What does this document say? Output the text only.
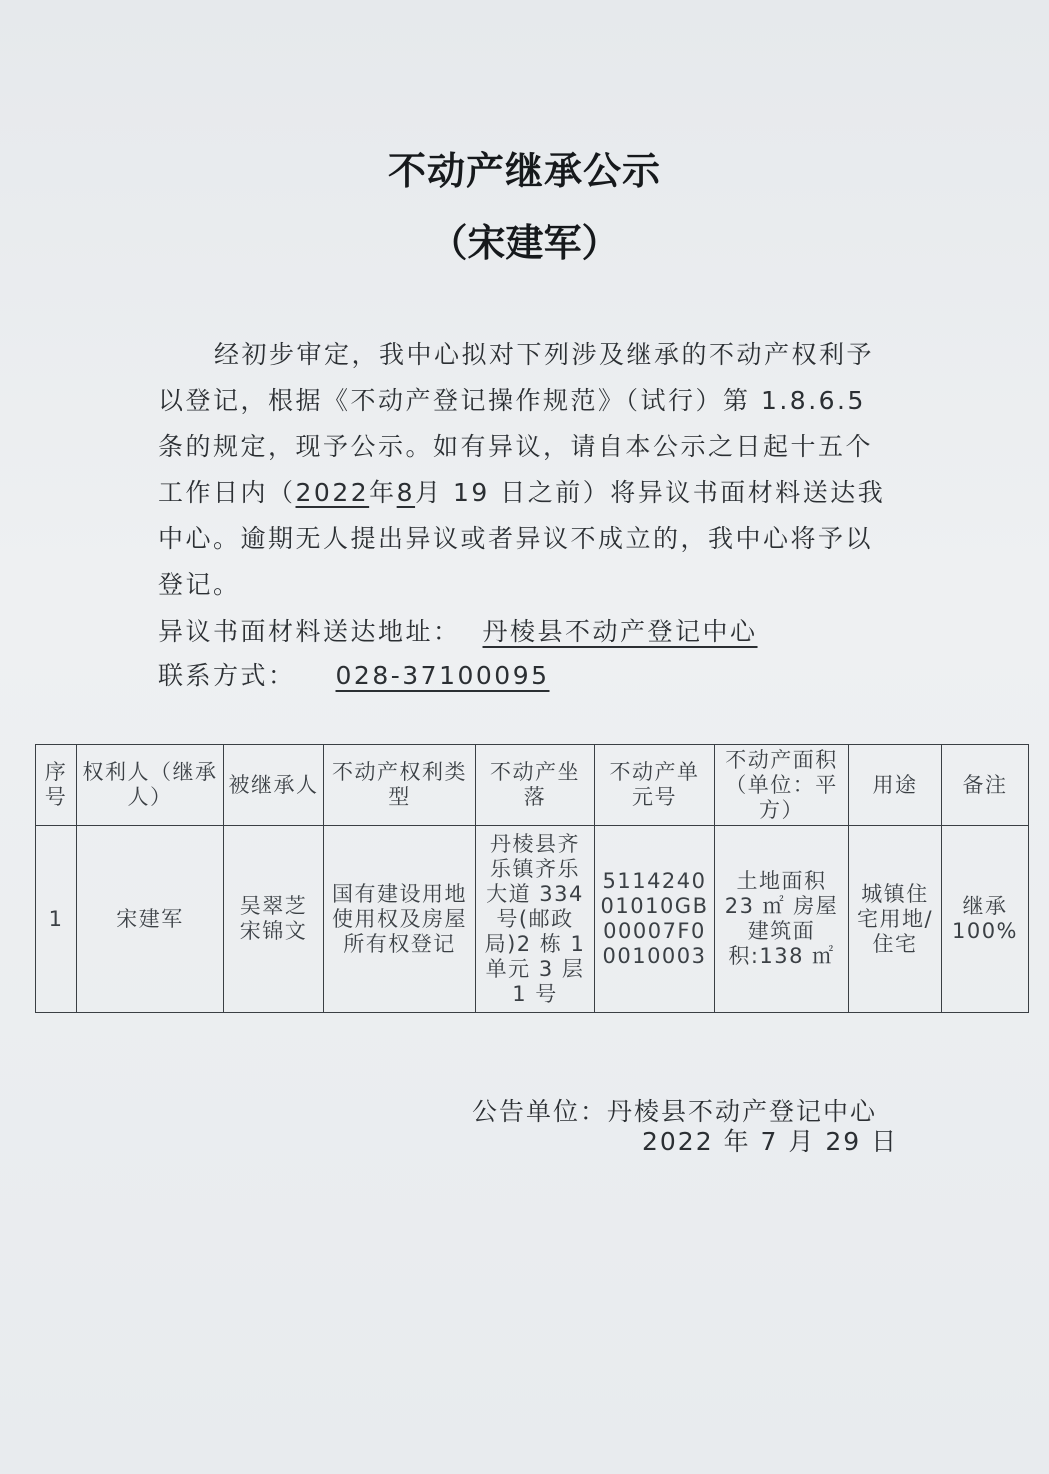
不动产继承公示
（宋建军）
经初步审定，我中心拟对下列涉及继承的不动产权利予以登记，根据《不动产登记操作规范》（试行）第 1.8.6.5 条的规定，现予公示。如有异议，请自本公示之日起十五个工作日内（2022年8月 19 日之前）将异议书面材料送达我中心。逾期无人提出异议或者异议不成立的，我中心将予以登记。
异议书面材料送达地址： 丹棱县不动产登记中心
联系方式： 028-37100095
序号	权利人（继承人）	被继承人	不动产权利类型	不动产坐落	不动产单元号	不动产面积（单位：平方）	用途	备注
1	宋建军	吴翠芝 宋锦文	国有建设用地使用权及房屋所有权登记	丹棱县齐乐镇齐乐大道 334 号(邮政局)2 栋 1 单元 3 层 1 号	511424001010GB00007F00010003	土地面积 23 ㎡ 房屋建筑面积:138 ㎡	城镇住宅用地/住宅	继承 100%
公告单位：丹棱县不动产登记中心
2022 年 7 月 29 日
